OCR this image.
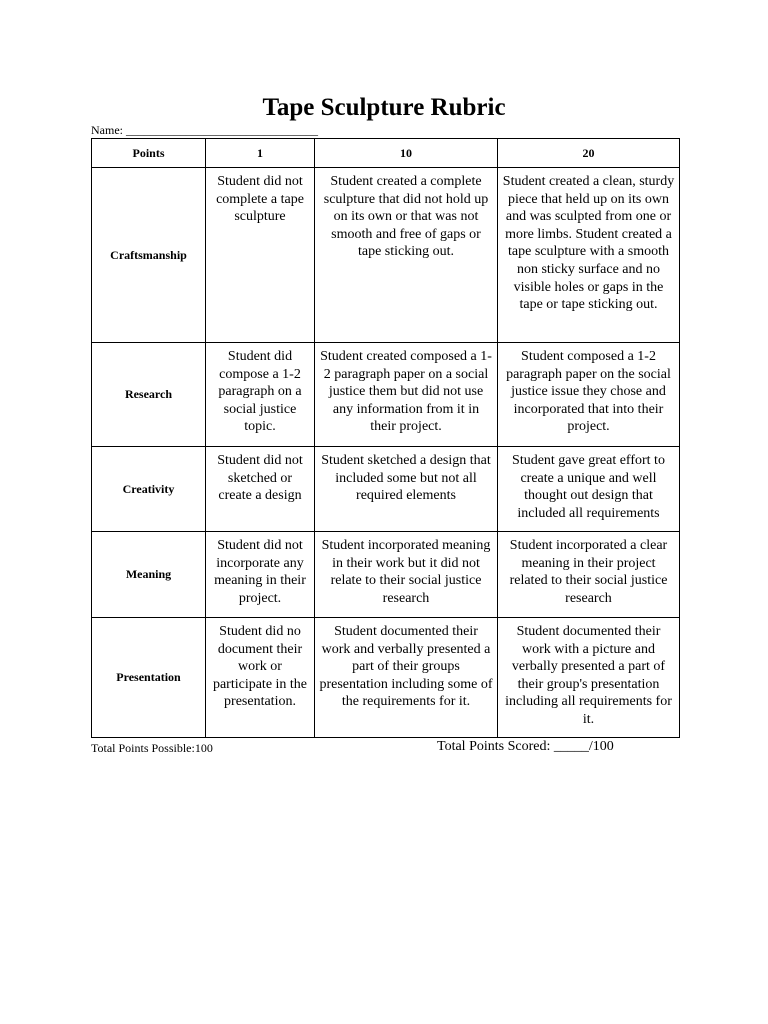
Tape Sculpture Rubric
Name: ________________________________
Points	1	10	20
Craftsmanship	Student did not complete a tape sculpture	Student created a complete sculpture that did not hold up on its own or that was not smooth and free of gaps or tape sticking out.	Student created a clean, sturdy piece that held up on its own and was sculpted from one or more limbs. Student created a tape sculpture with a smooth non sticky surface and no visible holes or gaps in the tape or tape sticking out.
Research	Student did compose a 1-2 paragraph on a social justice topic.	Student created composed a 1-2 paragraph paper on a social justice them but did not use any information from it in their project.	Student composed a 1-2 paragraph paper on the social justice issue they chose and incorporated that into their project.
Creativity	Student did not sketched or create a design	Student sketched a design that included some but not all required elements	Student gave great effort to create a unique and well thought out design that included all requirements
Meaning	Student did not incorporate any meaning in their project.	Student incorporated meaning in their work but it did not relate to their social justice research	Student incorporated a clear meaning in their project related to their social justice research
Presentation	Student did no document their work or participate in the presentation.	Student documented their work and verbally presented a part of their groups presentation including some of the requirements for it.	Student documented their work with a picture and verbally presented a part of their group's presentation including all requirements for it.
Total Points Possible:100	Total Points Scored: _____/100
